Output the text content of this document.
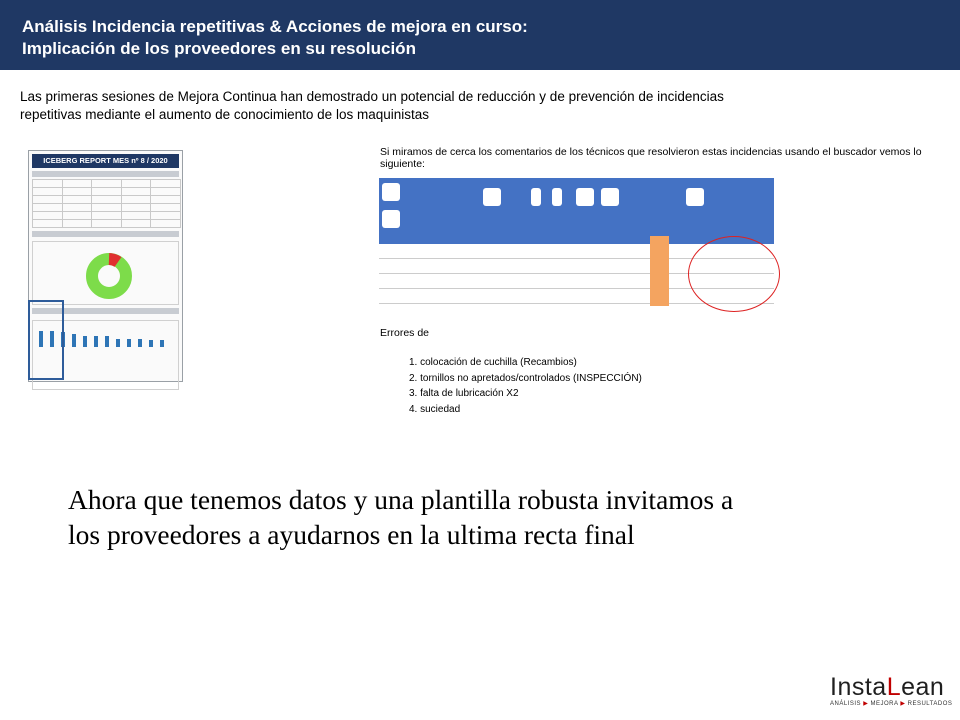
Análisis Incidencia repetitivas & Acciones de mejora en curso:
Implicación de los proveedores en su resolución
Las primeras sesiones de Mejora Continua han demostrado un potencial de reducción y de prevención de incidencias
repetitivas mediante el aumento de conocimiento de los maquinistas
ICEBERG REPORT MES nº 8 / 2020

Si miramos de cerca los comentarios de los técnicos que resolvieron estas incidencias usando el buscador vemos lo siguiente:
Errores de
1. colocación de cuchilla (Recambios)
2. tornillos no apretados/controlados (INSPECCIÓN)
3. falta de lubricación X2
4. suciedad
Ahora que tenemos datos y una plantilla robusta invitamos a
los proveedores a ayudarnos en la ultima recta final
InstaLean
ANÁLISIS ▶ MEJORA ▶ RESULTADOS
